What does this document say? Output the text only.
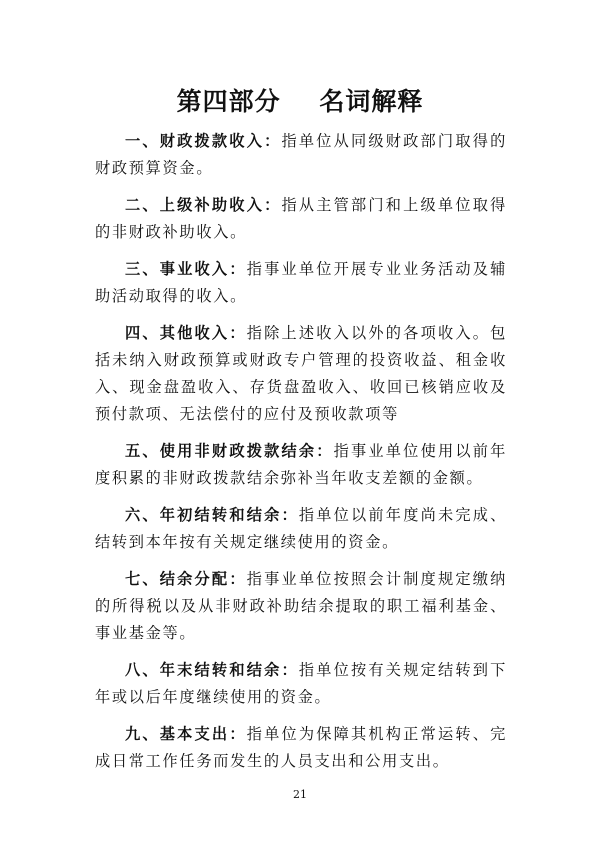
第四部分    名词解释

一、财政拨款收入：指单位从同级财政部门取得的财政预算资金。

二、上级补助收入：指从主管部门和上级单位取得的非财政补助收入。

三、事业收入：指事业单位开展专业业务活动及辅助活动取得的收入。

四、其他收入：指除上述收入以外的各项收入。包括未纳入财政预算或财政专户管理的投资收益、租金收入、现金盘盈收入、存货盘盈收入、收回已核销应收及预付款项、无法偿付的应付及预收款项等

五、使用非财政拨款结余：指事业单位使用以前年度积累的非财政拨款结余弥补当年收支差额的金额。

六、年初结转和结余：指单位以前年度尚未完成、结转到本年按有关规定继续使用的资金。

七、结余分配：指事业单位按照会计制度规定缴纳的所得税以及从非财政补助结余提取的职工福利基金、事业基金等。

八、年末结转和结余：指单位按有关规定结转到下年或以后年度继续使用的资金。

九、基本支出：指单位为保障其机构正常运转、完成日常工作任务而发生的人员支出和公用支出。

21
